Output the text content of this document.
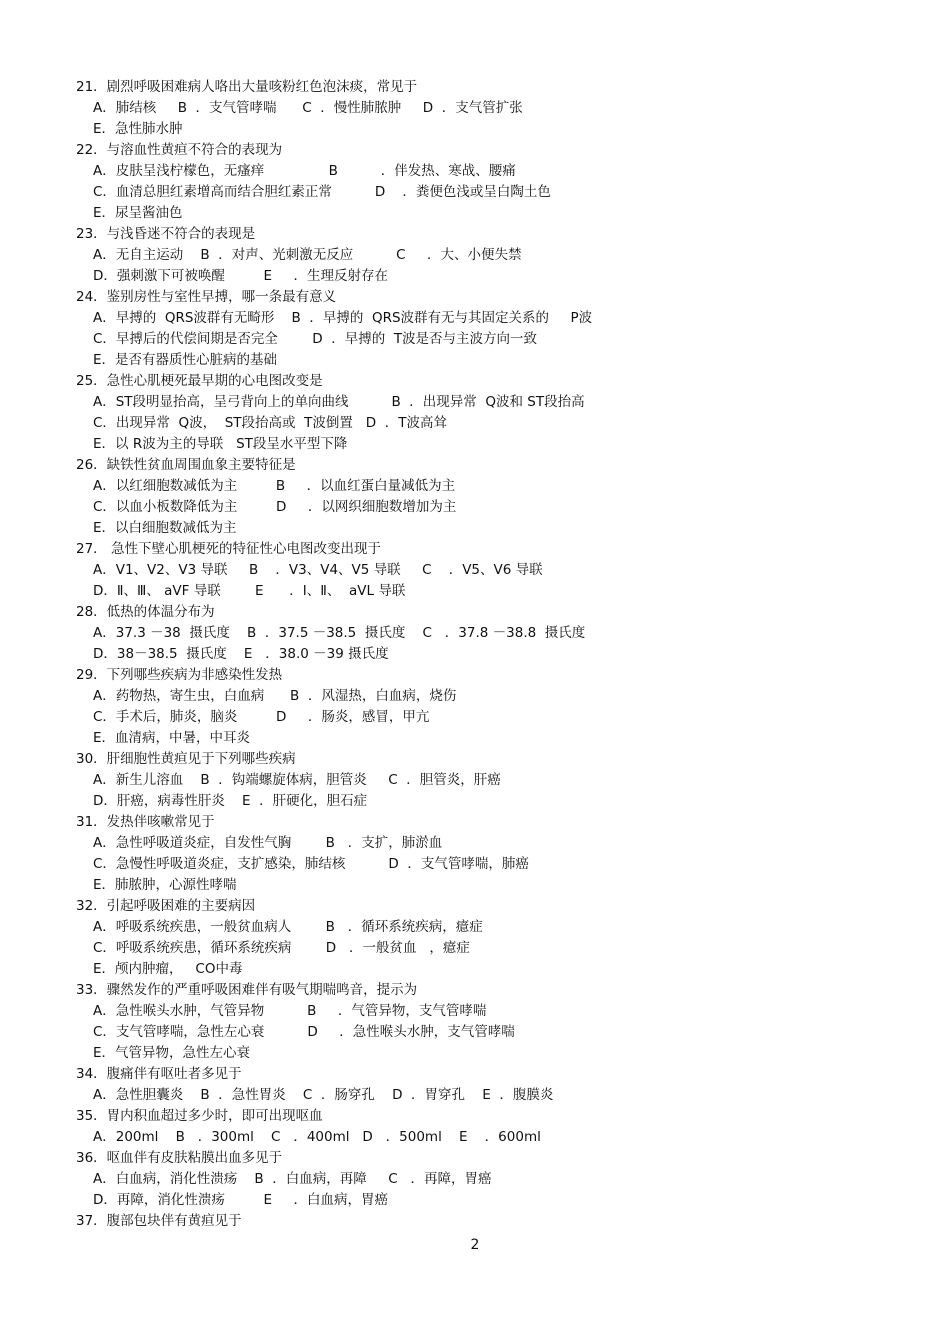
21．剧烈呼吸困难病人咯出大量咳粉红色泡沫痰，常见于
A．肺结核     B  ．支气管哮喘      C  ．慢性肺脓肿     D  ．支气管扩张
E．急性肺水肿
22．与溶血性黄疸不符合的表现为
A．皮肤呈浅柠檬色，无瘙痒               B          ．伴发热、寒战、腰痛
C．血清总胆红素增高而结合胆红素正常          D    ．粪便色浅或呈白陶土色
E．尿呈酱油色
23．与浅昏迷不符合的表现是
A．无自主运动    B  ．对声、光刺激无反应          C     ．大、小便失禁
D．强刺激下可被唤醒         E     ．生理反射存在
24．鉴别房性与室性早搏，哪一条最有意义
A．早搏的  QRS波群有无畸形    B  ．早搏的  QRS波群有无与其固定关系的     P波
C．早搏后的代偿间期是否完全        D  ．早搏的  T波是否与主波方向一致
E．是否有器质性心脏病的基础
25．急性心肌梗死最早期的心电图改变是
A．ST段明显抬高，呈弓背向上的单向曲线          B  ．出现异常  Q波和 ST段抬高
C．出现异常  Q波，  ST段抬高或  T波倒置   D  ．T波高耸
E．以 R波为主的导联   ST段呈水平型下降
26．缺铁性贫血周围血象主要特征是
A．以红细胞数减低为主         B     ．以血红蛋白量减低为主
C．以血小板数降低为主         D     ．以网织细胞数增加为主
E．以白细胞数减低为主
27． 急性下壁心肌梗死的特征性心电图改变出现于
A．V1、V2、V3 导联     B    ．V3、V4、V5 导联     C    ．V5、V6 导联
D．Ⅱ、Ⅲ、 aVF 导联        E      ．Ⅰ、Ⅱ、  aVL 导联
28．低热的体温分布为
A．37.3 －38  摄氏度    B  ．37.5 －38.5  摄氏度    C   ．37.8 －38.8  摄氏度
D．38－38.5  摄氏度    E   ．38.0 －39 摄氏度
29．下列哪些疾病为非感染性发热
A．药物热，寄生虫，白血病      B  ．风湿热，白血病，烧伤
C．手术后，肺炎，脑炎         D     ．肠炎，感冒，甲亢
E．血清病，中暑，中耳炎
30．肝细胞性黄疸见于下列哪些疾病
A．新生儿溶血    B  ．钩端螺旋体病，胆管炎     C  ．胆管炎，肝癌
D．肝癌，病毒性肝炎    E  ．肝硬化，胆石症
31．发热伴咳嗽常见于
A．急性呼吸道炎症，自发性气胸        B   ．支扩，肺淤血
C．急慢性呼吸道炎症，支扩感染，肺结核          D  ．支气管哮喘，肺癌
E．肺脓肿，心源性哮喘
32．引起呼吸困难的主要病因
A．呼吸系统疾患，一般贫血病人        B   ．循环系统疾病，癔症
C．呼吸系统疾患，循环系统疾病        D   ．一般贫血   ，癔症
E．颅内肿瘤，   CO中毒
33．骤然发作的严重呼吸困难伴有吸气期喘鸣音，提示为
A．急性喉头水肿，气管异物          B     ．气管异物，支气管哮喘
C．支气管哮喘，急性左心衰          D     ．急性喉头水肿，支气管哮喘
E．气管异物，急性左心衰
34．腹痛伴有呕吐者多见于
A．急性胆囊炎    B  ．急性胃炎    C  ．肠穿孔    D  ．胃穿孔    E  ．腹膜炎
35．胃内积血超过多少时，即可出现呕血
A．200ml    B   ．300ml    C   ．400ml   D   ．500ml    E    ．600ml
36．呕血伴有皮肤粘膜出血多见于
A．白血病，消化性溃疡    B  ．白血病，再障     C   ．再障，胃癌
D．再障，消化性溃疡         E     ．白血病，胃癌
37．腹部包块伴有黄疸见于
2
